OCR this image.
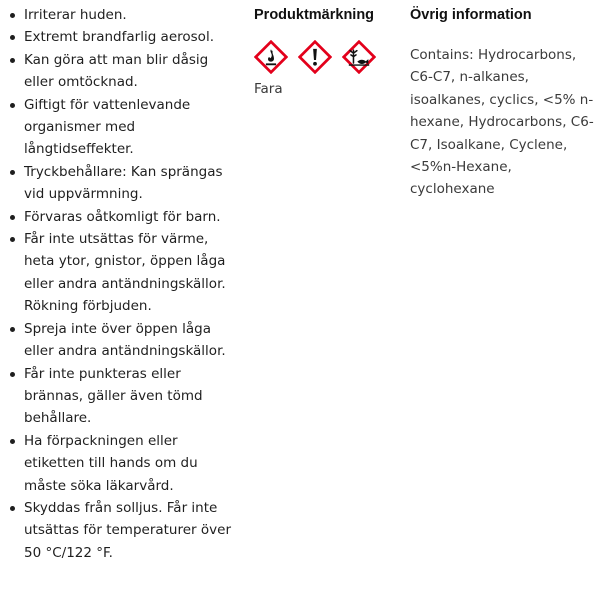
Irriterar huden.
Extremt brandfarlig aerosol.
Kan göra att man blir dåsig eller omtöcknad.
Giftigt för vattenlevande organismer med långtidseffekter.
Tryckbehållare: Kan sprängas vid uppvärmning.
Förvaras oåtkomligt för barn.
Får inte utsättas för värme, heta ytor, gnistor, öppen låga eller andra antändningskällor. Rökning förbjuden.
Spreja inte över öppen låga eller andra antändningskällor.
Får inte punkteras eller brännas, gäller även tömd behållare.
Ha förpackningen eller etiketten till hands om du måste söka läkarvård.
Skyddas från solljus. Får inte utsättas för temperaturer över 50 °C/122 °F.
Produktmärkning
Fara
Övrig information
Contains: Hydrocarbons, C6-C7, n-alkanes, isoalkanes, cyclics, <5% n-hexane, Hydrocarbons, C6-C7, Isoalkane, Cyclene, <5%n-Hexane, cyclohexane
